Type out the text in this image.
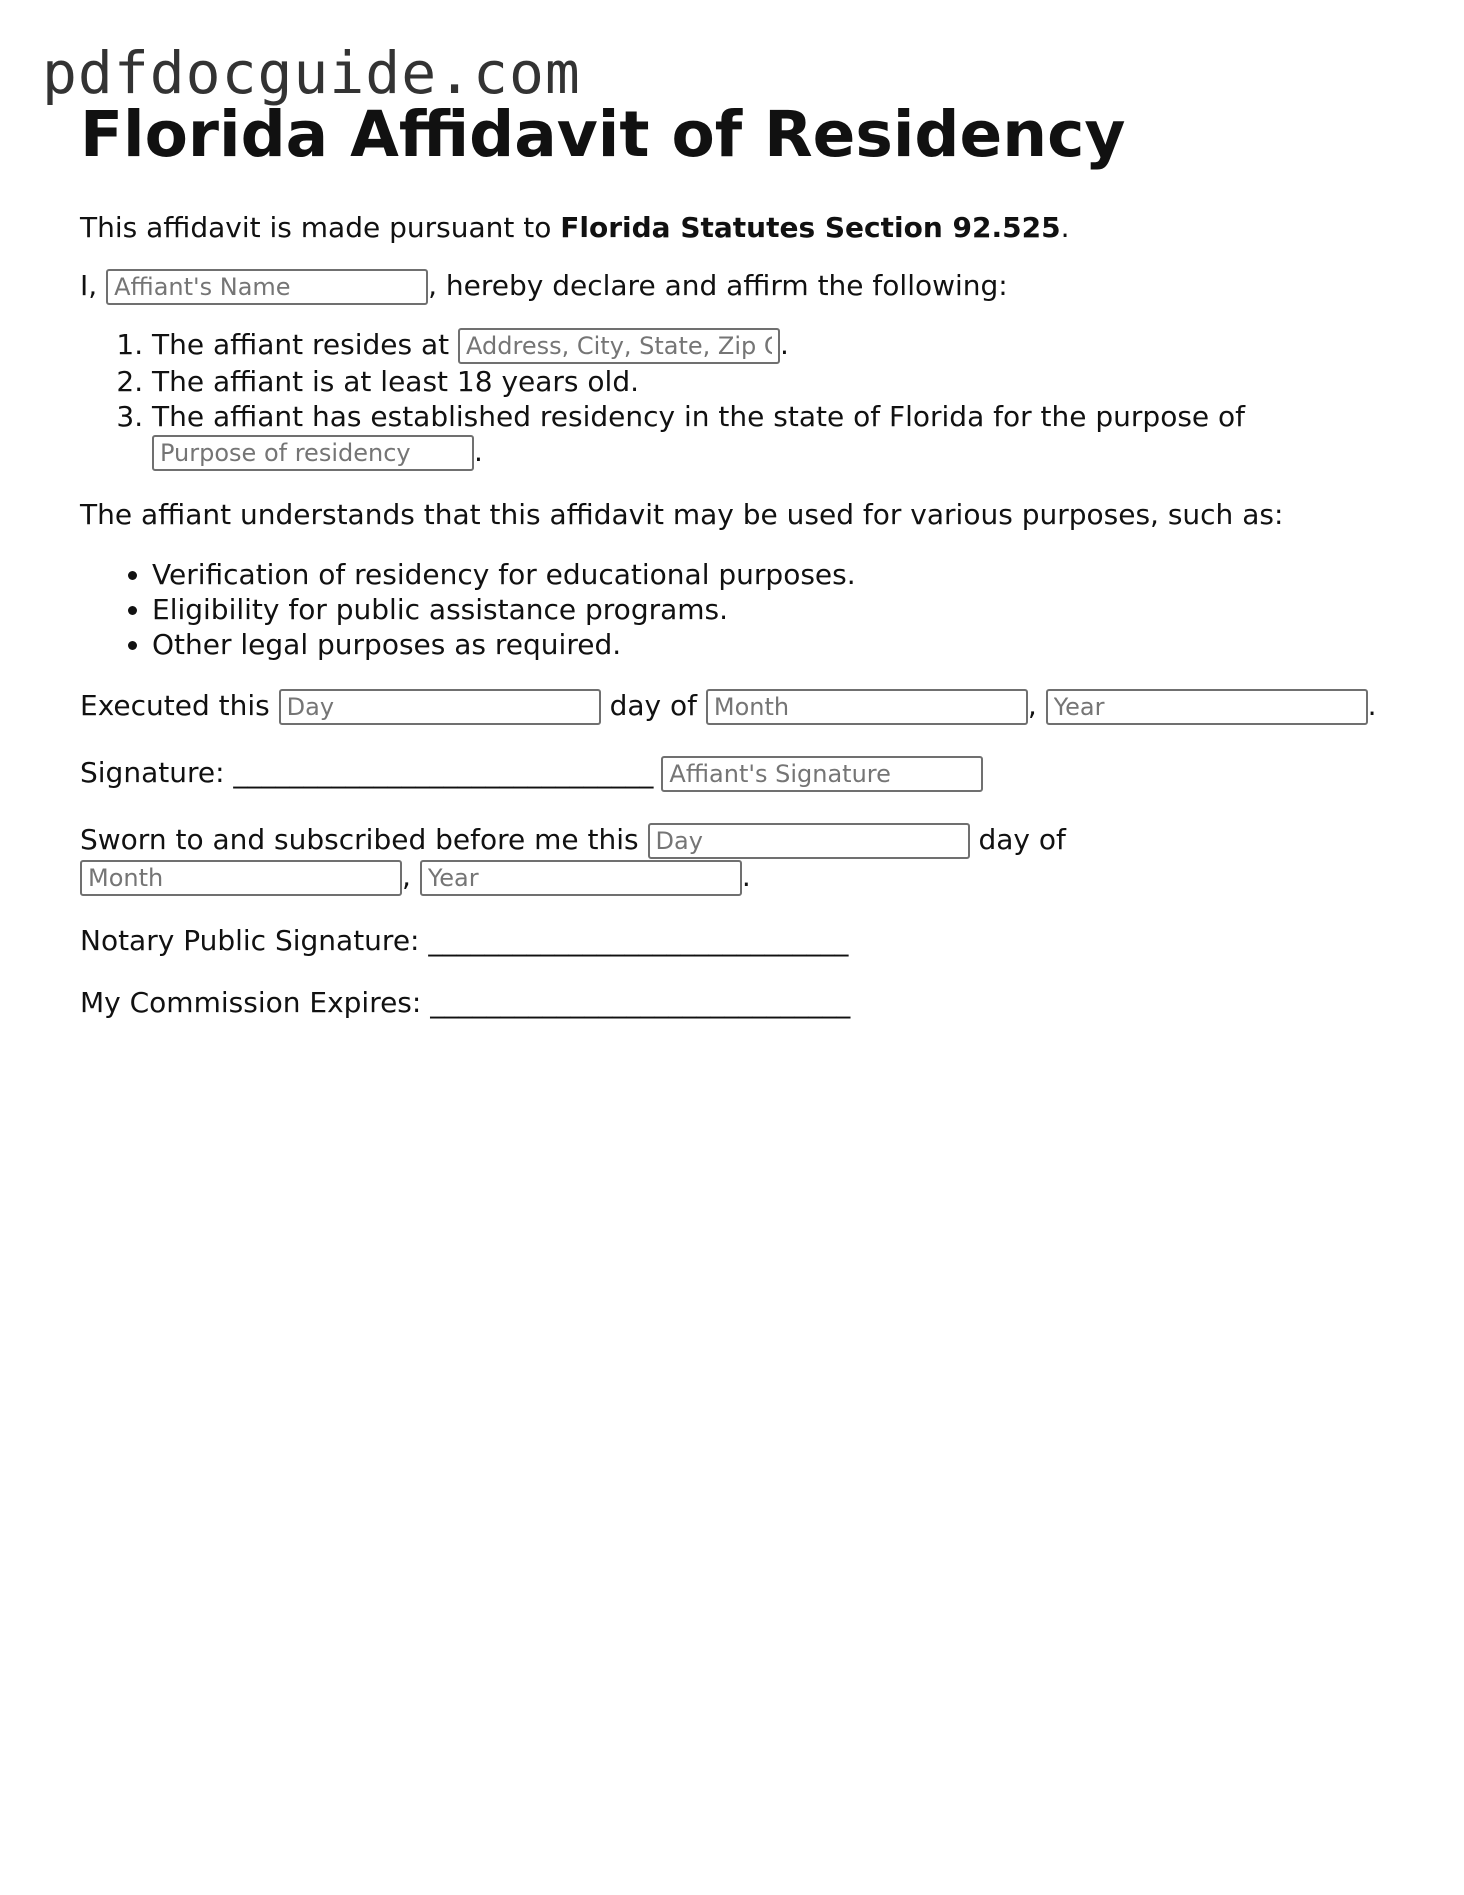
pdfdocguide.com
Florida Affidavit of Residency

This affidavit is made pursuant to Florida Statutes Section 92.525.

I, Affiant's Name	, hereby declare and affirm the following:

1. The affiant resides at Address, City, State, Zip Code	.
2. The affiant is at least 18 years old.
3. The affiant has established residency in the state of Florida for the purpose of
Purpose of residency.

The affiant understands that this affidavit may be used for various purposes, such as:

• Verification of residency for educational purposes.
• Eligibility for public assistance programs.
• Other legal purposes as required.

Executed this Day	day of Month	, Year	.

Signature: ______________________________Affiant's Signature

Sworn to and subscribed before me this Day	day of
Month, Year	.

Notary Public Signature: ______________________________

My Commission Expires: ______________________________
